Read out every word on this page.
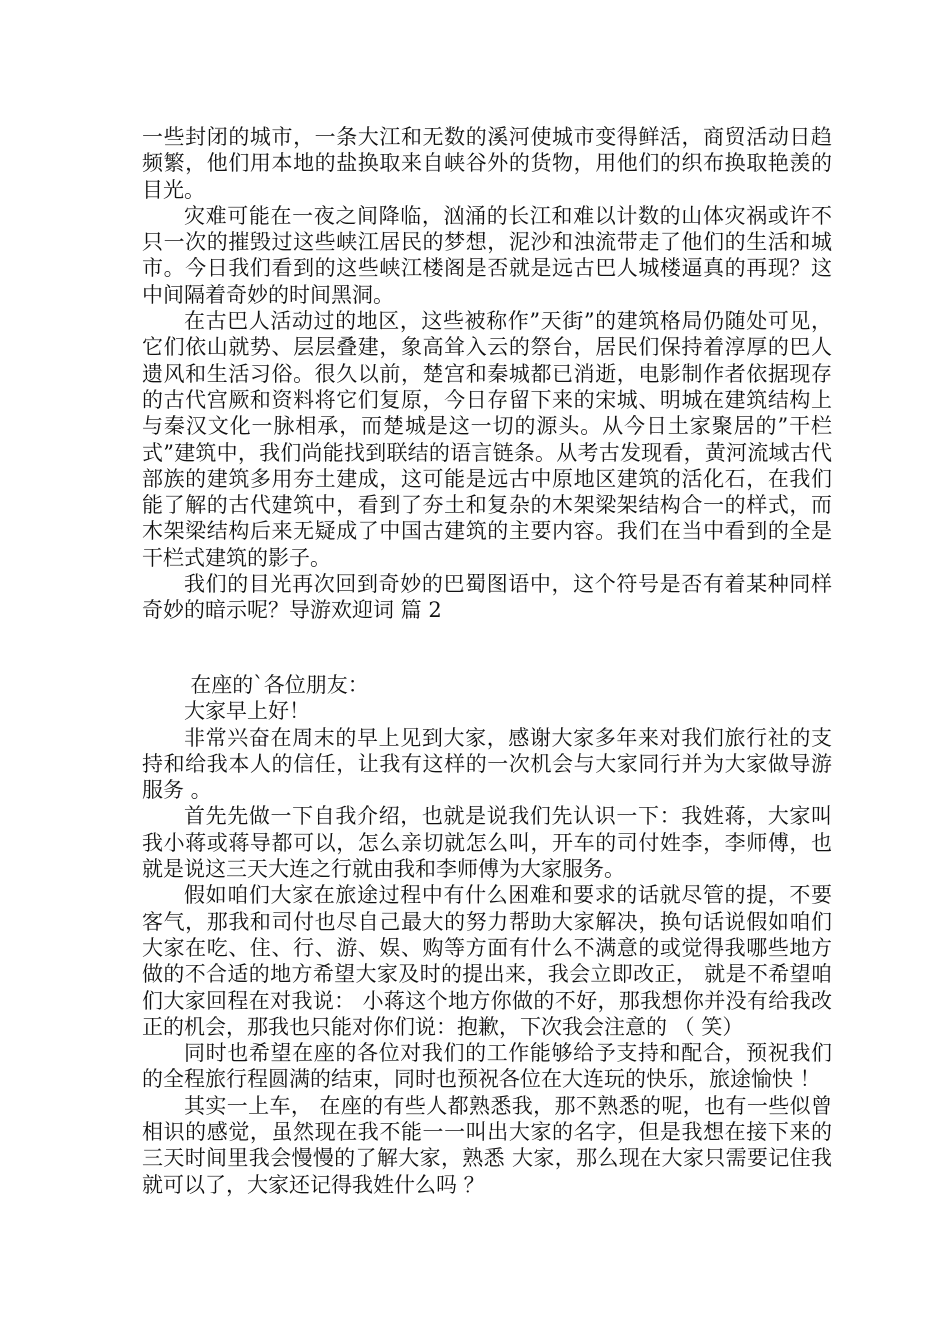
一些封闭的城市，一条大江和无数的溪河使城市变得鲜活，商贸活动日趋频繁，他们用本地的盐换取来自峡谷外的货物，用他们的织布换取艳羡的目光。

灾难可能在一夜之间降临，汹涌的长江和难以计数的山体灾祸或许不只一次的摧毁过这些峡江居民的梦想，泥沙和浊流带走了他们的生活和城市。今日我们看到的这些峡江楼阁是否就是远古巴人城楼逼真的再现？这中间隔着奇妙的时间黑洞。

在古巴人活动过的地区，这些被称作”天街”的建筑格局仍随处可见，它们依山就势、层层叠建，象高耸入云的祭台，居民们保持着淳厚的巴人遗风和生活习俗。很久以前，楚宫和秦城都已消逝，电影制作者依据现存的古代宫厥和资料将它们复原，今日存留下来的宋城、明城在建筑结构上与秦汉文化一脉相承，而楚城是这一切的源头。从今日土家聚居的”干栏式”建筑中，我们尚能找到联结的语言链条。从考古发现看，黄河流域古代部族的建筑多用夯土建成，这可能是远古中原地区建筑的活化石，在我们能了解的古代建筑中，看到了夯土和复杂的木架梁架结构合一的样式，而木架梁结构后来无疑成了中国古建筑的主要内容。我们在当中看到的全是干栏式建筑的影子。

我们的目光再次回到奇妙的巴蜀图语中，这个符号是否有着某种同样奇妙的暗示呢？导游欢迎词 篇 2

在座的`各位朋友：

大家早上好！

非常兴奋在周末的早上见到大家，感谢大家多年来对我们旅行社的支持和给我本人的信任，让我有这样的一次机会与大家同行并为大家做导游服务 。

首先先做一下自我介绍，也就是说我们先认识一下：我姓蒋，大家叫我小蒋或蒋导都可以，怎么亲切就怎么叫，开车的司付姓李，李师傅，也就是说这三天大连之行就由我和李师傅为大家服务。

假如咱们大家在旅途过程中有什么困难和要求的话就尽管的提，不要客气，那我和司付也尽自己最大的努力帮助大家解决，换句话说假如咱们大家在吃、住、行、游、娱、购等方面有什么不满意的或觉得我哪些地方做的不合适的地方希望大家及时的提出来，我会立即改正， 就是不希望咱们大家回程在对我说： 小蒋这个地方你做的不好，那我想你并没有给我改 正的机会，那我也只能对你们说：抱歉，下次我会注意的 （ 笑）

同时也希望在座的各位对我们的工作能够给予支持和配合，预祝我们的全程旅行程圆满的结束，同时也预祝各位在大连玩的快乐，旅途愉快 ！

其实一上车， 在座的有些人都熟悉我，那不熟悉的呢，也有一些似曾相识的感觉，虽然现在我不能一一叫出大家的名字，但是我想在接下来的三天时间里我会慢慢的了解大家，熟悉 大家，那么现在大家只需要记住我就可以了，大家还记得我姓什么吗 ？
